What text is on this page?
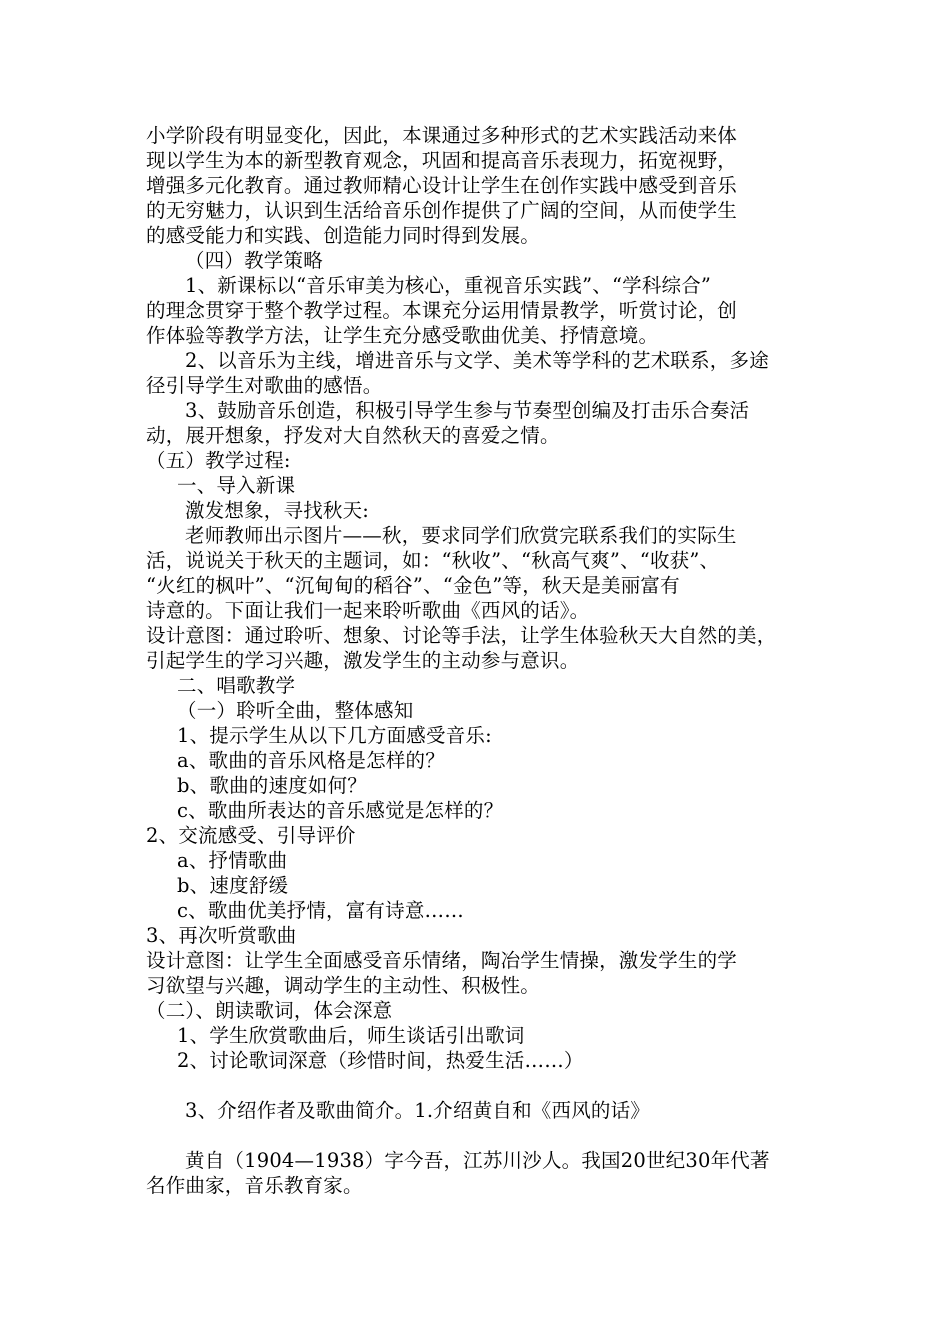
小学阶段有明显变化，因此，本课通过多种形式的艺术实践活动来体
现以学生为本的新型教育观念，巩固和提高音乐表现力，拓宽视野，
增强多元化教育。通过教师精心设计让学生在创作实践中感受到音乐
的无穷魅力，认识到生活给音乐创作提供了广阔的空间，从而使学生
的感受能力和实践、创造能力同时得到发展。
（四）教学策略
1、新课标以“音乐审美为核心，重视音乐实践”、“学科综合”
的理念贯穿于整个教学过程。本课充分运用情景教学，听赏讨论，创
作体验等教学方法，让学生充分感受歌曲优美、抒情意境。
2、以音乐为主线，增进音乐与文学、美术等学科的艺术联系，多途
径引导学生对歌曲的感悟。
3、鼓励音乐创造，积极引导学生参与节奏型创编及打击乐合奏活
动，展开想象，抒发对大自然秋天的喜爱之情。
（五）教学过程:
一、导入新课
激发想象，寻找秋天:
老师教师出示图片——秋，要求同学们欣赏完联系我们的实际生
活，说说关于秋天的主题词，如：“秋收”、“秋高气爽”、“收获”、
“火红的枫叶”、“沉甸甸的稻谷”、“金色”等，秋天是美丽富有
诗意的。下面让我们一起来聆听歌曲《西风的话》。
设计意图：通过聆听、想象、讨论等手法，让学生体验秋天大自然的美，
引起学生的学习兴趣，激发学生的主动参与意识。
二、唱歌教学
（一）聆听全曲，整体感知
1、提示学生从以下几方面感受音乐:
a、歌曲的音乐风格是怎样的？
b、歌曲的速度如何？
c、歌曲所表达的音乐感觉是怎样的？
2、交流感受、引导评价
a、抒情歌曲
b、速度舒缓
c、歌曲优美抒情，富有诗意……
3、再次听赏歌曲
设计意图：让学生全面感受音乐情绪，陶冶学生情操，激发学生的学
习欲望与兴趣，调动学生的主动性、积极性。
（二）、朗读歌词，体会深意
1、学生欣赏歌曲后，师生谈话引出歌词
2、讨论歌词深意（珍惜时间，热爱生活……）
3、介绍作者及歌曲简介。1.介绍黄自和《西风的话》
黄自（1904—1938）字今吾，江苏川沙人。我国20世纪30年代著
名作曲家，音乐教育家。
